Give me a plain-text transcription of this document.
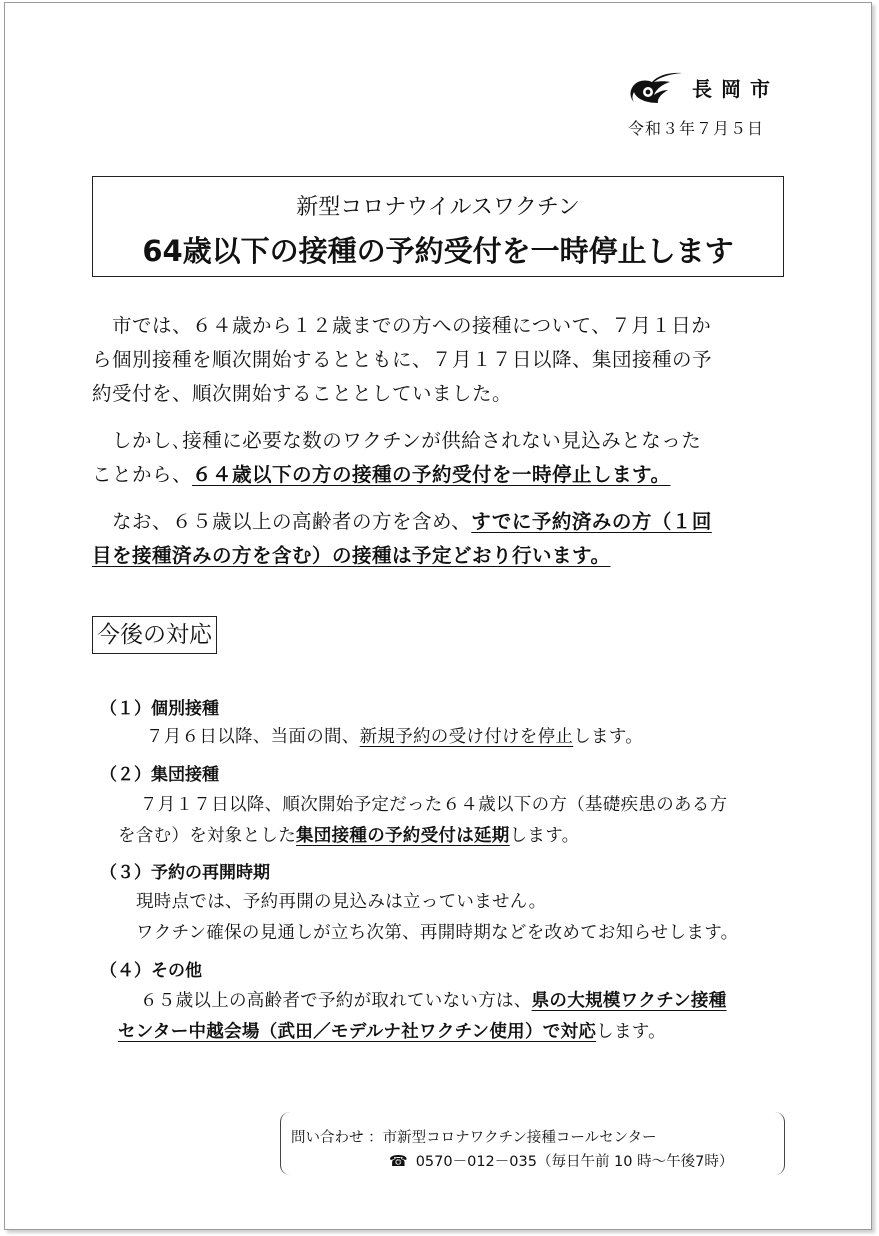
長岡市
令和３年７月５日
新型コロナウイルスワクチン
64歳以下の接種の予約受付を一時停止します
　市では、６４歳から１２歳までの方への接種について、７月１日か
ら個別接種を順次開始するとともに、７月１７日以降、集団接種の予
約受付を、順次開始することとしていました。
　しかし､接種に必要な数のワクチンが供給されない見込みとなった
ことから、６４歳以下の方の接種の予約受付を一時停止します。
　なお、６５歳以上の高齢者の方を含め、すでに予約済みの方（１回
目を接種済みの方を含む）の接種は予定どおり行います。
今後の対応
（１）個別接種
７月６日以降、当面の間、新規予約の受け付けを停止します。
（２）集団接種
７月１７日以降、順次開始予定だった６４歳以下の方（基礎疾患のある方
を含む）を対象とした集団接種の予約受付は延期します。
（３）予約の再開時期
現時点では、予約再開の見込みは立っていません。
ワクチン確保の見通しが立ち次第、再開時期などを改めてお知らせします。
（４）その他
６５歳以上の高齢者で予約が取れていない方は、県の大規模ワクチン接種
センター中越会場（武田／モデルナ社ワクチン使用）で対応します。
問い合わせ ：市新型コロナワクチン接種コールセンター
☎ 0570－012－035（毎日午前 10 時～午後7時）
